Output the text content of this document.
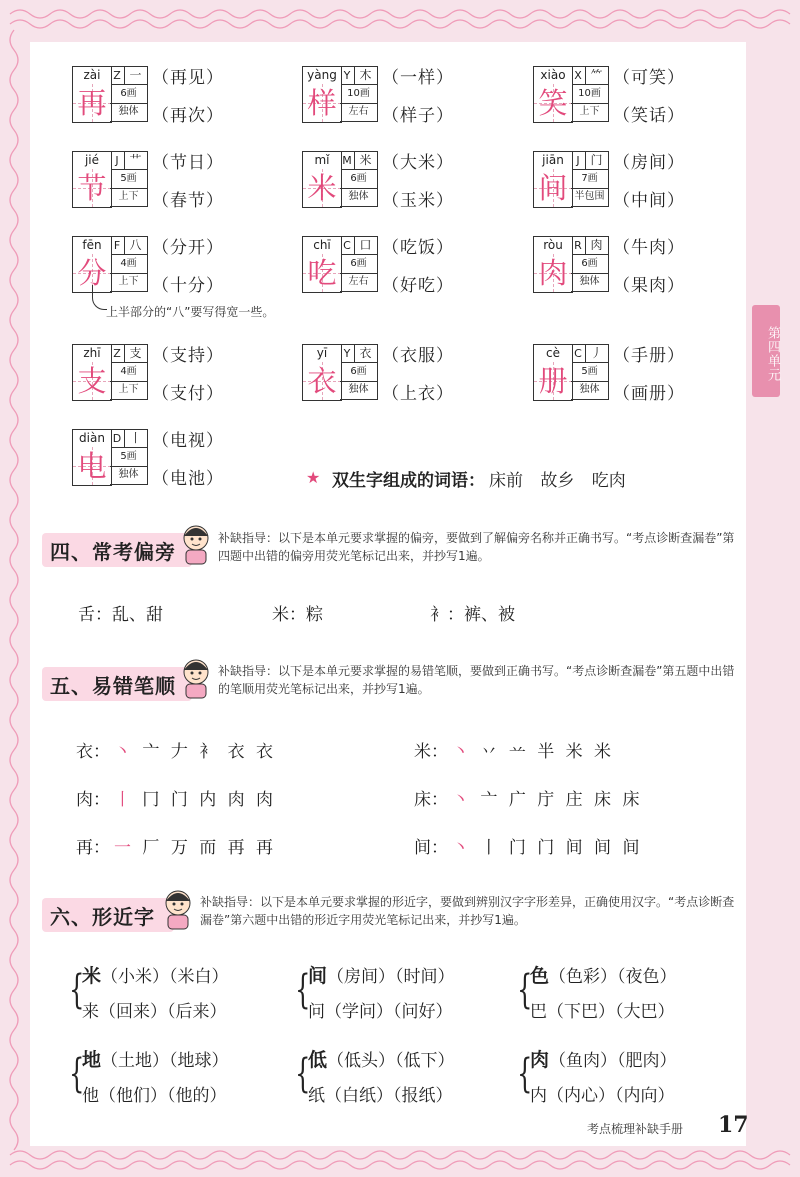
第四单元
zài	Z 一
再	6画
独体
（再见）
（再次）
yàng Y 木
样	10画
左右
（一样）
（样子）
xiào X ⺮
笑	10画
上下
（可笑）
（笑话）
jié	J 艹
节	5画
上下
（节日）
（春节）
mǐ	M 米
米	6画
独体
（大米）
（玉米）
jiān	J 门
间	7画
半包围
（房间）
（中间）
fēn	F 八
分	4画
上下
（分开）
（十分）
chī	C 口
吃	6画
左右
（吃饭）
（好吃）
ròu	R 肉
肉	6画
独体
（牛肉）
（果肉）
zhī	Z 支
支	4画
上下
（支持）
（支付）
yī	Y 衣
衣	6画
独体
（衣服）
（上衣）
cè	C 丿
册	5画
独体
（手册）
（画册）
diàn D 丨
电	5画
独体
（电视）
（电池）
上半部分的“八”要写得宽一些。
★ 双生字组成的词语： 床前 故乡 吃肉
四、常考偏旁
补缺指导：以下是本单元要求掌握的偏旁，要做到了解偏旁名称并正确书写。“考点诊断查漏卷”第四题中出错的偏旁用荧光笔标记出来，并抄写1遍。
舌：乱、甜	米：粽	衤：裤、被
五、易错笔顺
补缺指导：以下是本单元要求掌握的易错笔顺，要做到正确书写。“考点诊断查漏卷”第五题中出错的笔顺用荧光笔标记出来，并抄写1遍。
衣： 丶 亠 𠂇 衤 衣 衣	米： 丶 丷 䒑 半 米 米
肉： 丨 冂 门 内 肉 肉	床： 丶 亠 广 庁 庄 床 床
再： 一 厂 万 而 再 再	间： 丶 丨 门 门 间 间 间
六、形近字
补缺指导：以下是本单元要求掌握的形近字，要做到辨别汉字字形差异，正确使用汉字。“考点诊断查漏卷”第六题中出错的形近字用荧光笔标记出来，并抄写1遍。
{
米（小米）（米白）
来（回来）（后来） {
间（房间）（时间）
问（学问）（问好） {
色（色彩）（夜色）
巴（下巴）（大巴）
{
地（土地）（地球）
他（他们）（他的） {
低（低头）（低下）
纸（白纸）（报纸） {
肉（鱼肉）（肥肉）
内（内心）（内向）
考点梳理补缺手册 17
